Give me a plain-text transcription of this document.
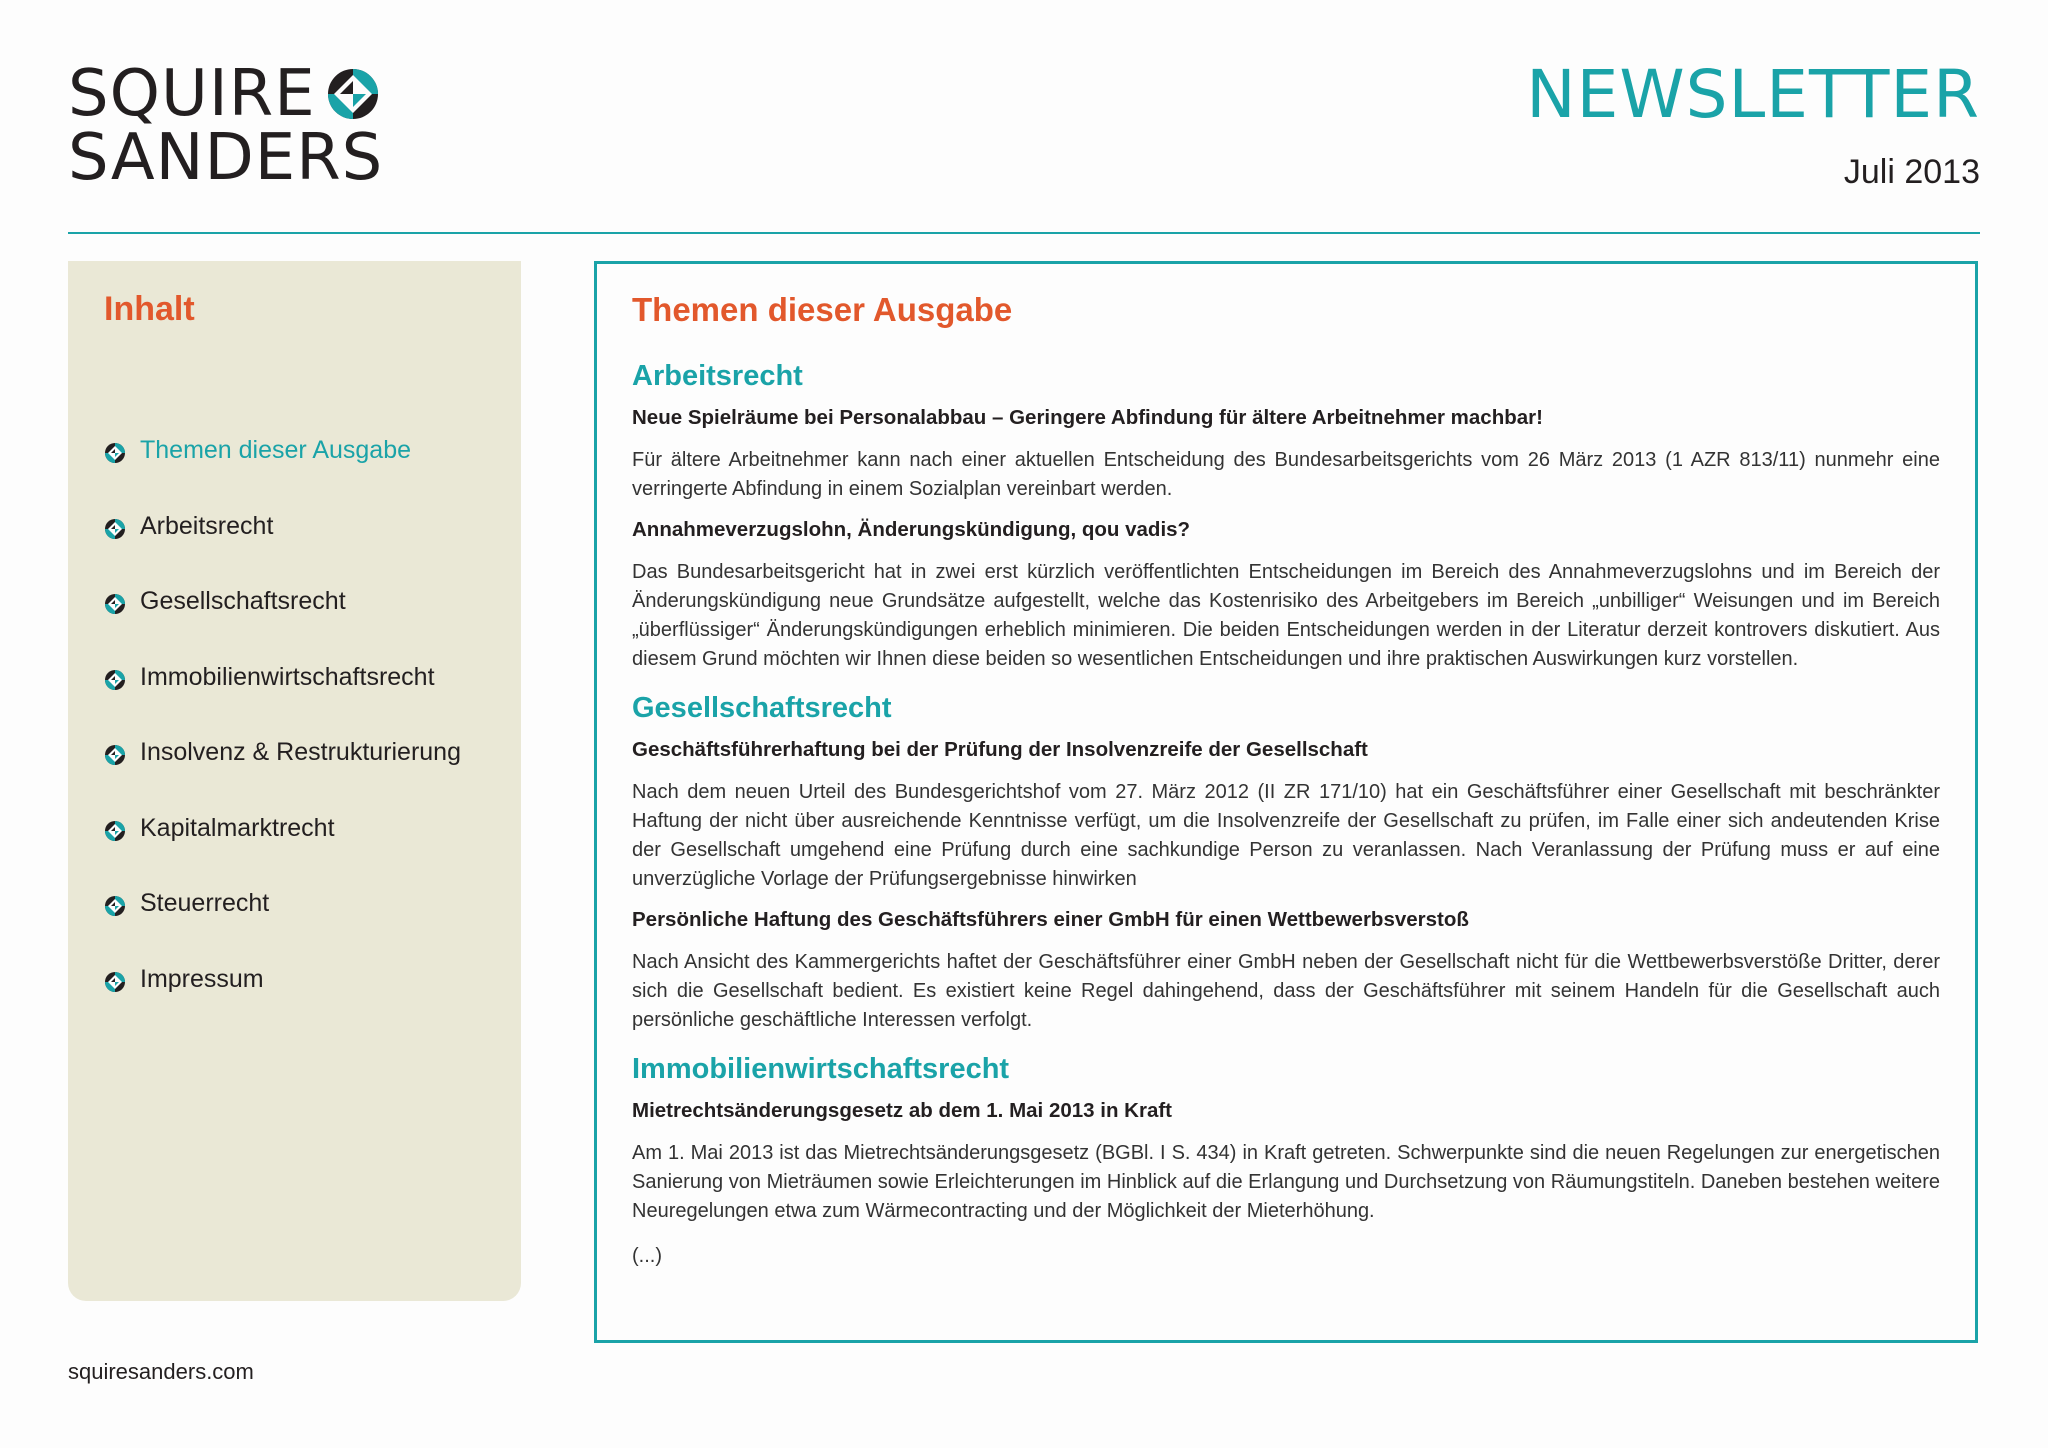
SQUIRE
SANDERS
NEWSLETTER
Juli 2013
Inhalt
Themen dieser Ausgabe
Arbeitsrecht
Gesellschaftsrecht
Immobilienwirtschaftsrecht
Insolvenz & Restrukturierung
Kapitalmarktrecht
Steuerrecht
Impressum
squiresanders.com
Themen dieser Ausgabe
Arbeitsrecht
Neue Spielräume bei Personalabbau – Geringere Abfindung für ältere Arbeitnehmer machbar!

Für ältere Arbeitnehmer kann nach einer aktuellen Entscheidung des Bundesarbeitsgerichts vom 26 März 2013 (1 AZR 813/11) nunmehr eine verringerte Abfindung in einem Sozialplan vereinbart werden.

Annahmeverzugslohn, Änderungskündigung, qou vadis?

Das Bundesarbeitsgericht hat in zwei erst kürzlich veröffentlichten Entscheidungen im Bereich des Annahmeverzugslohns und im Bereich der Änderungskündigung neue Grundsätze aufgestellt, welche das Kostenrisiko des Arbeitgebers im Bereich „unbilliger“ Weisungen und im Bereich „überflüssiger“ Änderungskündigungen erheblich minimieren. Die beiden Entscheidungen werden in der Literatur derzeit kontrovers diskutiert. Aus diesem Grund möchten wir Ihnen diese beiden so wesentlichen Entscheidungen und ihre praktischen Auswirkungen kurz vorstellen.

Gesellschaftsrecht
Geschäftsführerhaftung bei der Prüfung der Insolvenzreife der Gesellschaft

Nach dem neuen Urteil des Bundesgerichtshof vom 27. März 2012 (II ZR 171/10) hat ein Geschäftsführer einer Gesellschaft mit beschränkter Haftung der nicht über ausreichende Kenntnisse verfügt, um die Insolvenzreife der Gesellschaft zu prüfen, im Falle einer sich andeutenden Krise der Gesellschaft umgehend eine Prüfung durch eine sachkundige Person zu veranlassen. Nach Veranlassung der Prüfung muss er auf eine unverzügliche Vorlage der Prüfungsergebnisse hinwirken

Persönliche Haftung des Geschäftsführers einer GmbH für einen Wettbewerbsverstoß

Nach Ansicht des Kammergerichts haftet der Geschäftsführer einer GmbH neben der Gesellschaft nicht für die Wettbewerbsverstöße Dritter, derer sich die Gesellschaft bedient. Es existiert keine Regel dahingehend, dass der Geschäftsführer mit seinem Handeln für die Gesellschaft auch persönliche geschäftliche Interessen verfolgt.

Immobilienwirtschaftsrecht
Mietrechtsänderungsgesetz ab dem 1. Mai 2013 in Kraft

Am 1. Mai 2013 ist das Mietrechtsänderungsgesetz (BGBl. I S. 434) in Kraft getreten. Schwerpunkte sind die neuen Regelungen zur energetischen Sanierung von Mieträumen sowie Erleichterungen im Hinblick auf die Erlangung und Durchsetzung von Räumungstiteln. Daneben bestehen weitere Neuregelungen etwa zum Wärmecontracting und der Möglichkeit der Mieterhöhung.

(...)
